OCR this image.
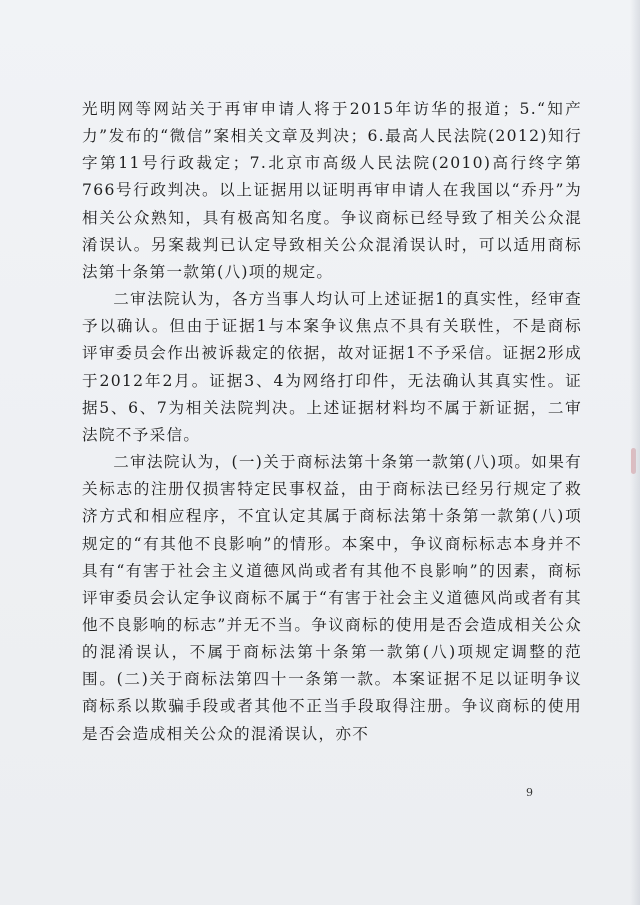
光明网等网站关于再审申请人将于2015年访华的报道；5.“知产力”发布的“微信”案相关文章及判决；6.最高人民法院(2012)知行字第11号行政裁定；7.北京市高级人民法院(2010)高行终字第766号行政判决。以上证据用以证明再审申请人在我国以“乔丹”为相关公众熟知，具有极高知名度。争议商标已经导致了相关公众混淆误认。另案裁判已认定导致相关公众混淆误认时，可以适用商标法第十条第一款第(八)项的规定。

二审法院认为，各方当事人均认可上述证据1的真实性，经审查予以确认。但由于证据1与本案争议焦点不具有关联性，不是商标评审委员会作出被诉裁定的依据，故对证据1不予采信。证据2形成于2012年2月。证据3、4为网络打印件，无法确认其真实性。证据5、6、7为相关法院判决。上述证据材料均不属于新证据，二审法院不予采信。

二审法院认为，(一)关于商标法第十条第一款第(八)项。如果有关标志的注册仅损害特定民事权益，由于商标法已经另行规定了救济方式和相应程序，不宜认定其属于商标法第十条第一款第(八)项规定的“有其他不良影响”的情形。本案中，争议商标标志本身并不具有“有害于社会主义道德风尚或者有其他不良影响”的因素，商标评审委员会认定争议商标不属于“有害于社会主义道德风尚或者有其他不良影响的标志”并无不当。争议商标的使用是否会造成相关公众的混淆误认，不属于商标法第十条第一款第(八)项规定调整的范围。(二)关于商标法第四十一条第一款。本案证据不足以证明争议商标系以欺骗手段或者其他不正当手段取得注册。争议商标的使用是否会造成相关公众的混淆误认，亦不

9
